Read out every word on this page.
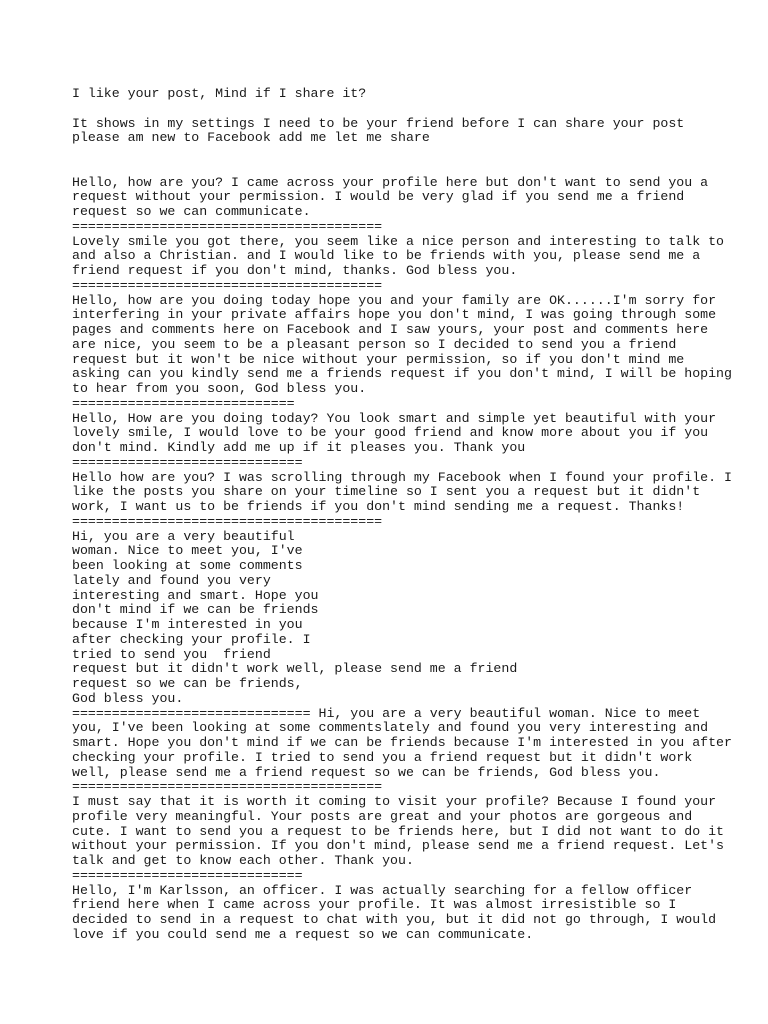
I like your post, Mind if I share it?

It shows in my settings I need to be your friend before I can share your post
please am new to Facebook add me let me share

Hello, how are you? I came across your profile here but don't want to send you a
request without your permission. I would be very glad if you send me a friend
request so we can communicate.
=======================================
Lovely smile you got there, you seem like a nice person and interesting to talk to
and also a Christian. and I would like to be friends with you, please send me a
friend request if you don't mind, thanks. God bless you.
=======================================
Hello, how are you doing today hope you and your family are OK......I'm sorry for
interfering in your private affairs hope you don't mind, I was going through some
pages and comments here on Facebook and I saw yours, your post and comments here
are nice, you seem to be a pleasant person so I decided to send you a friend
request but it won't be nice without your permission, so if you don't mind me
asking can you kindly send me a friends request if you don't mind, I will be hoping
to hear from you soon, God bless you.
============================
Hello, How are you doing today? You look smart and simple yet beautiful with your
lovely smile, I would love to be your good friend and know more about you if you
don't mind. Kindly add me up if it pleases you. Thank you
=============================
Hello how are you? I was scrolling through my Facebook when I found your profile. I
like the posts you share on your timeline so I sent you a request but it didn't
work, I want us to be friends if you don't mind sending me a request. Thanks!
=======================================
Hi, you are a very beautiful
woman. Nice to meet you, I've
been looking at some comments
lately and found you very
interesting and smart. Hope you
don't mind if we can be friends
because I'm interested in you
after checking your profile. I
tried to send you  friend
request but it didn't work well, please send me a friend
request so we can be friends,
God bless you.
============================== Hi, you are a very beautiful woman. Nice to meet
you, I've been looking at some commentslately and found you very interesting and
smart. Hope you don't mind if we can be friends because I'm interested in you after
checking your profile. I tried to send you a friend request but it didn't work
well, please send me a friend request so we can be friends, God bless you.
=======================================
I must say that it is worth it coming to visit your profile? Because I found your
profile very meaningful. Your posts are great and your photos are gorgeous and
cute. I want to send you a request to be friends here, but I did not want to do it
without your permission. If you don't mind, please send me a friend request. Let's
talk and get to know each other. Thank you.
=============================
Hello, I'm Karlsson, an officer. I was actually searching for a fellow officer
friend here when I came across your profile. It was almost irresistible so I
decided to send in a request to chat with you, but it did not go through, I would
love if you could send me a request so we can communicate.
